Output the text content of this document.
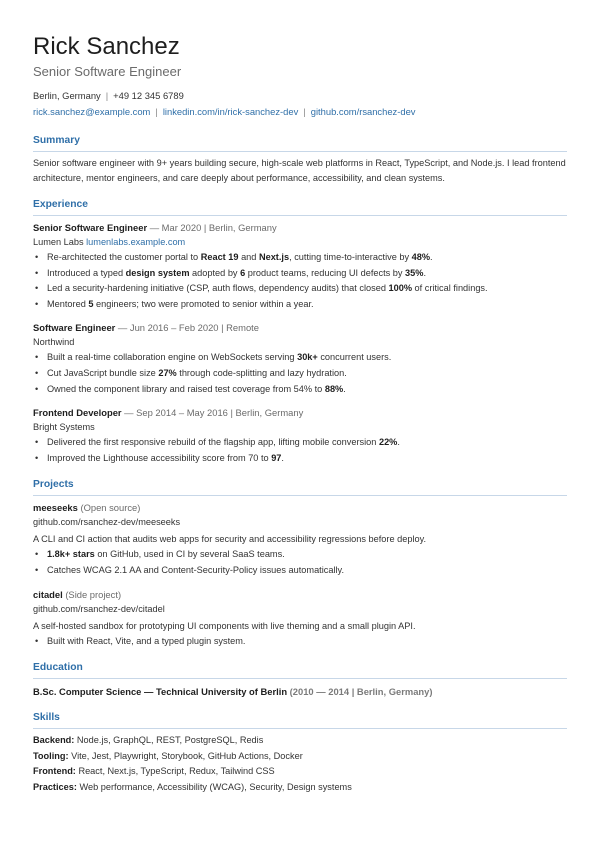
Rick Sanchez
Senior Software Engineer
Berlin, Germany | +49 12 345 6789
rick.sanchez@example.com | linkedin.com/in/rick-sanchez-dev | github.com/rsanchez-dev
Summary
Senior software engineer with 9+ years building secure, high-scale web platforms in React, TypeScript, and Node.js. I lead frontend architecture, mentor engineers, and care deeply about performance, accessibility, and clean systems.
Experience
Senior Software Engineer — Mar 2020 | Berlin, Germany
Lumen Labs lumenlabs.example.com
• Re-architected the customer portal to React 19 and Next.js, cutting time-to-interactive by 48%.
• Introduced a typed design system adopted by 6 product teams, reducing UI defects by 35%.
• Led a security-hardening initiative (CSP, auth flows, dependency audits) that closed 100% of critical findings.
• Mentored 5 engineers; two were promoted to senior within a year.
Software Engineer — Jun 2016 – Feb 2020 | Remote
Northwind
• Built a real-time collaboration engine on WebSockets serving 30k+ concurrent users.
• Cut JavaScript bundle size 27% through code-splitting and lazy hydration.
• Owned the component library and raised test coverage from 54% to 88%.
Frontend Developer — Sep 2014 – May 2016 | Berlin, Germany
Bright Systems
• Delivered the first responsive rebuild of the flagship app, lifting mobile conversion 22%.
• Improved the Lighthouse accessibility score from 70 to 97.
Projects
meeseeks (Open source)
github.com/rsanchez-dev/meeseeks
A CLI and CI action that audits web apps for security and accessibility regressions before deploy.
• 1.8k+ stars on GitHub, used in CI by several SaaS teams.
• Catches WCAG 2.1 AA and Content-Security-Policy issues automatically.
citadel (Side project)
github.com/rsanchez-dev/citadel
A self-hosted sandbox for prototyping UI components with live theming and a small plugin API.
• Built with React, Vite, and a typed plugin system.
Education
B.Sc. Computer Science — Technical University of Berlin (2010 — 2014 | Berlin, Germany)
Skills
Backend: Node.js, GraphQL, REST, PostgreSQL, Redis
Tooling: Vite, Jest, Playwright, Storybook, GitHub Actions, Docker
Frontend: React, Next.js, TypeScript, Redux, Tailwind CSS
Practices: Web performance, Accessibility (WCAG), Security, Design systems
